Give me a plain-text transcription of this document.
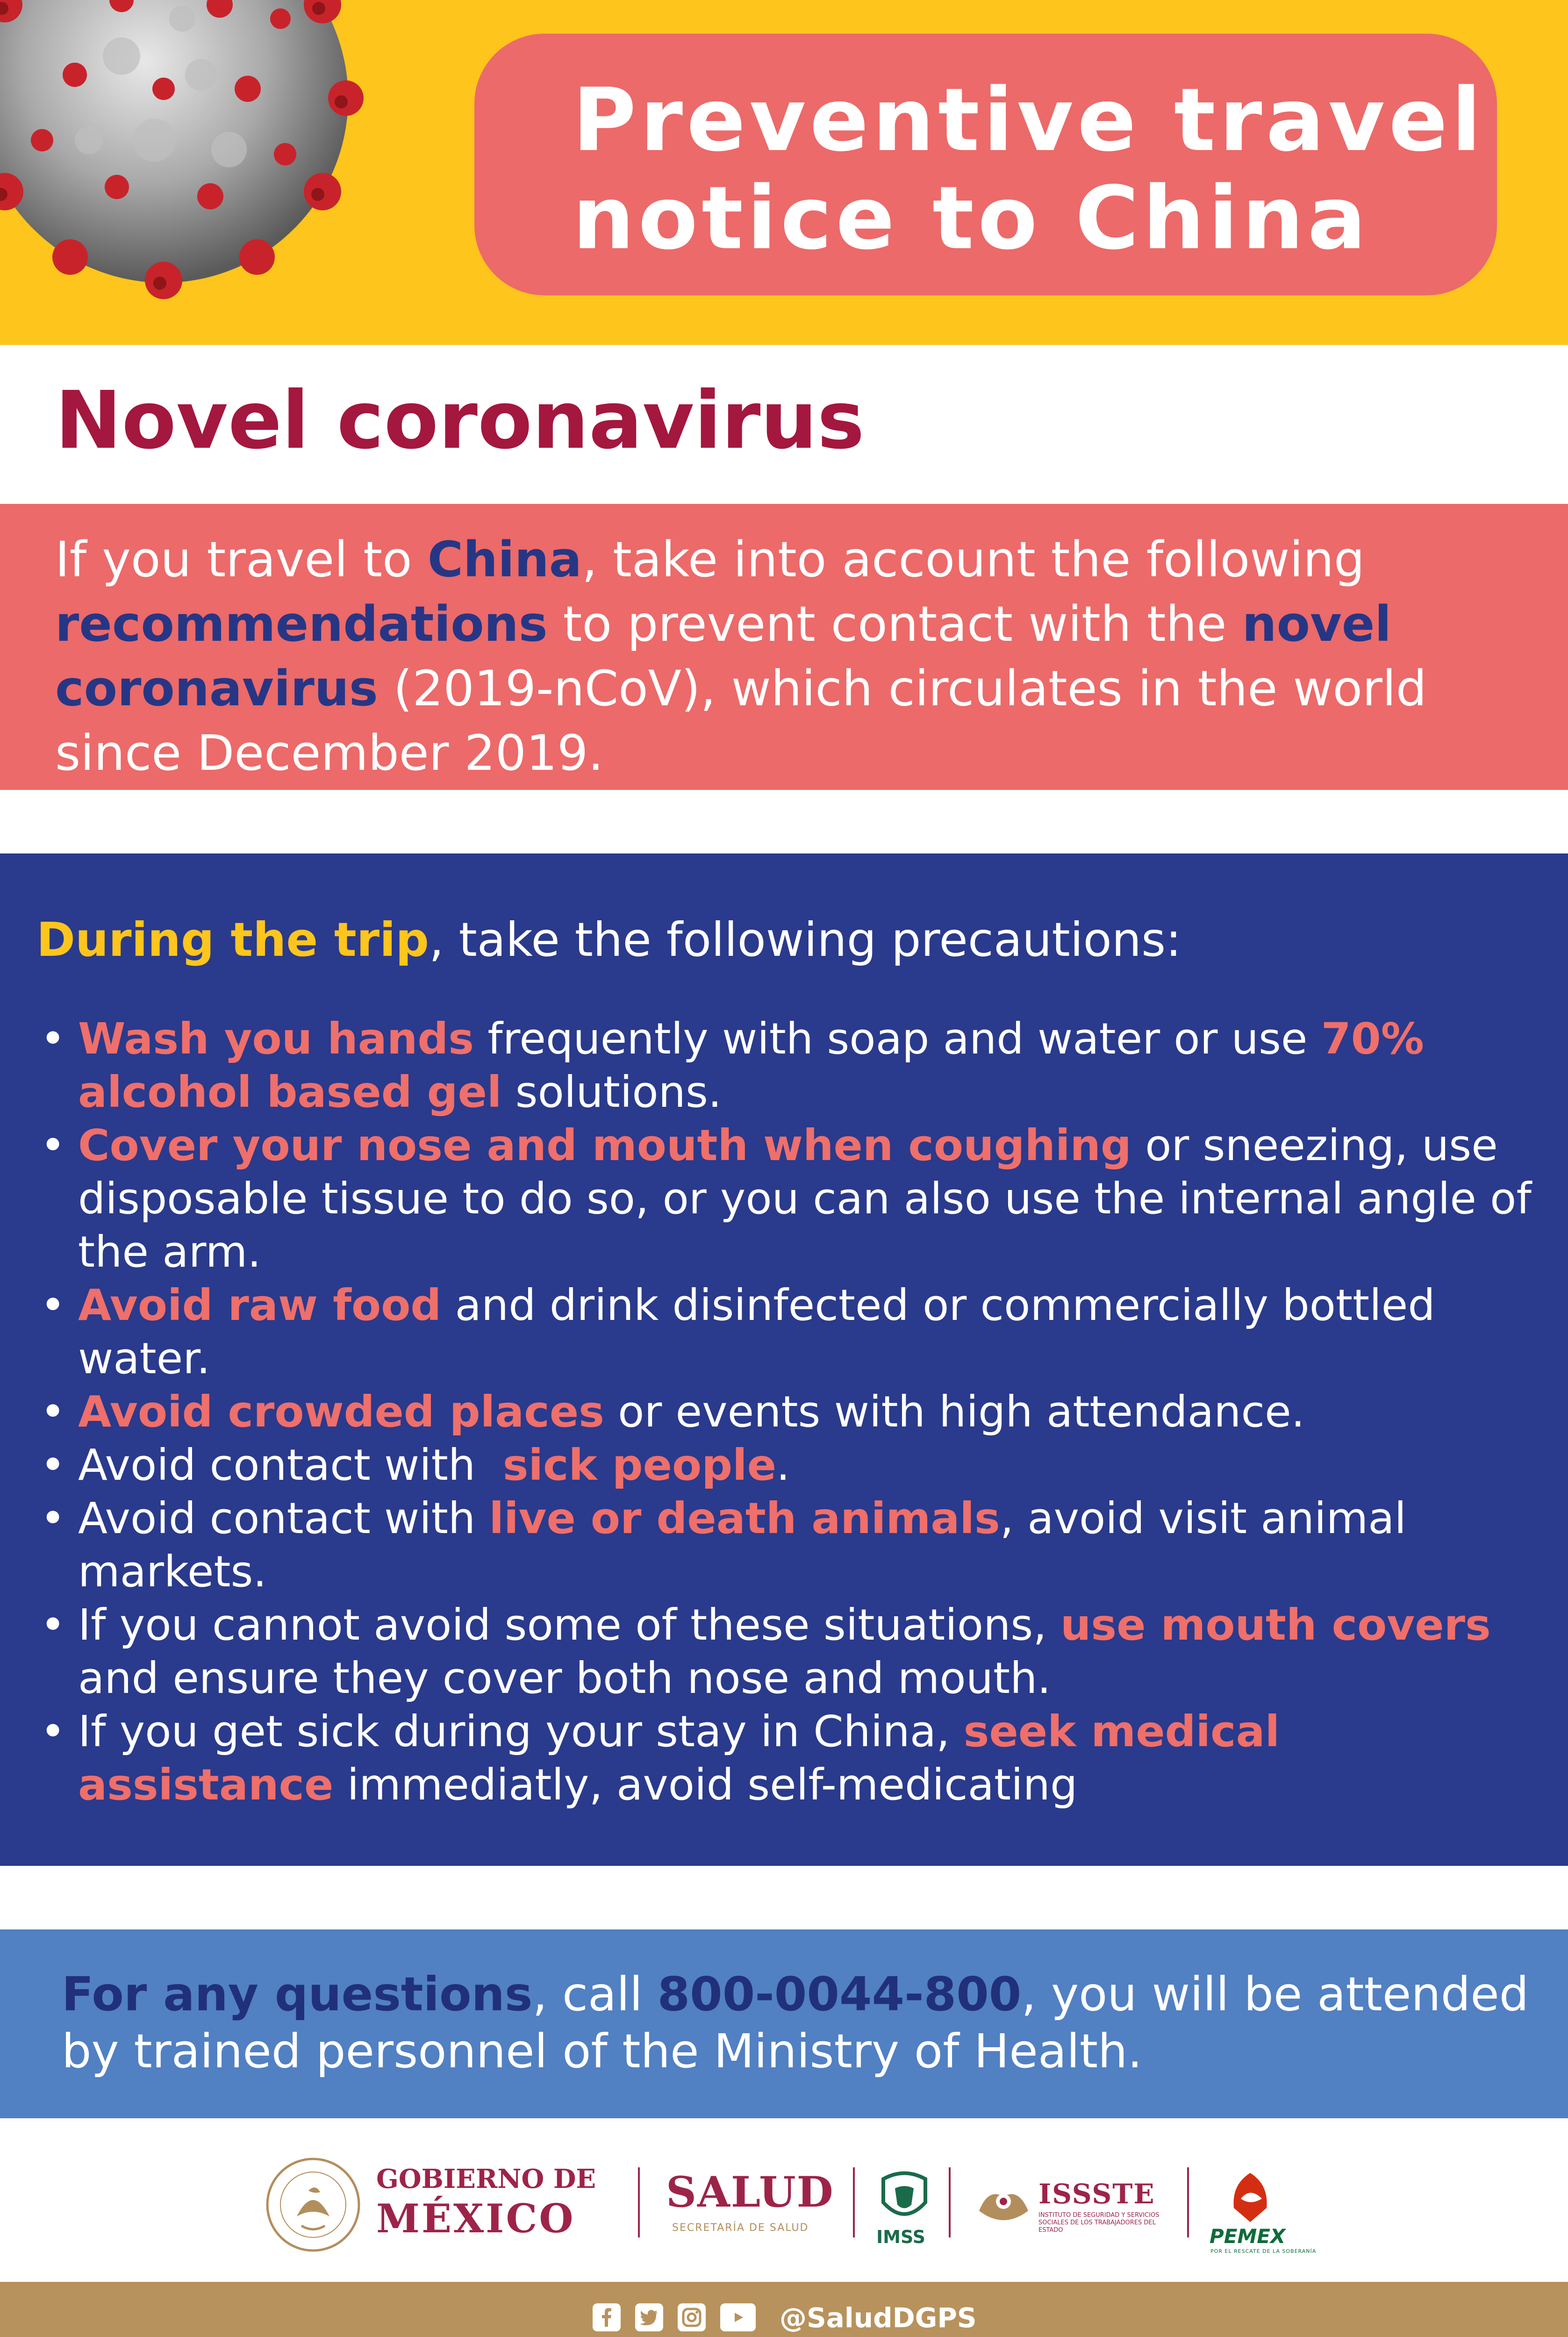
Preventive travel
notice to China
Novel coronavirus
If you travel to China, take into account the following recommendations to prevent contact with the novel coronavirus (2019-nCoV), which circulates in the world since December 2019.
During the trip, take the following precautions:
• Wash you hands frequently with soap and water or use 70% alcohol based gel solutions.
• Cover your nose and mouth when coughing or sneezing, use disposable tissue to do so, or you can also use the internal angle of the arm.
• Avoid raw food and drink disinfected or commercially bottled water.
• Avoid crowded places or events with high attendance.
• Avoid contact with  sick people.
• Avoid contact with live or death animals, avoid visit animal markets.
• If you cannot avoid some of these situations, use mouth covers and ensure they cover both nose and mouth.
• If you get sick during your stay in China, seek medical assistance immediatly, avoid self-medicating
For any questions, call 800-0044-800, you will be attended by trained personnel of the Ministry of Health.
GOBIERNO DE
MÉXICO
SALUD
SECRETARÍA DE SALUD	IMSS
ISSSTE
INSTITUTO DE SEGURIDAD Y SERVICIOS SOCIALES DE LOS TRABAJADORES DEL ESTADO	PEMEX
POR EL RESCATE DE LA SOBERANÍA

@SaludDGPS
